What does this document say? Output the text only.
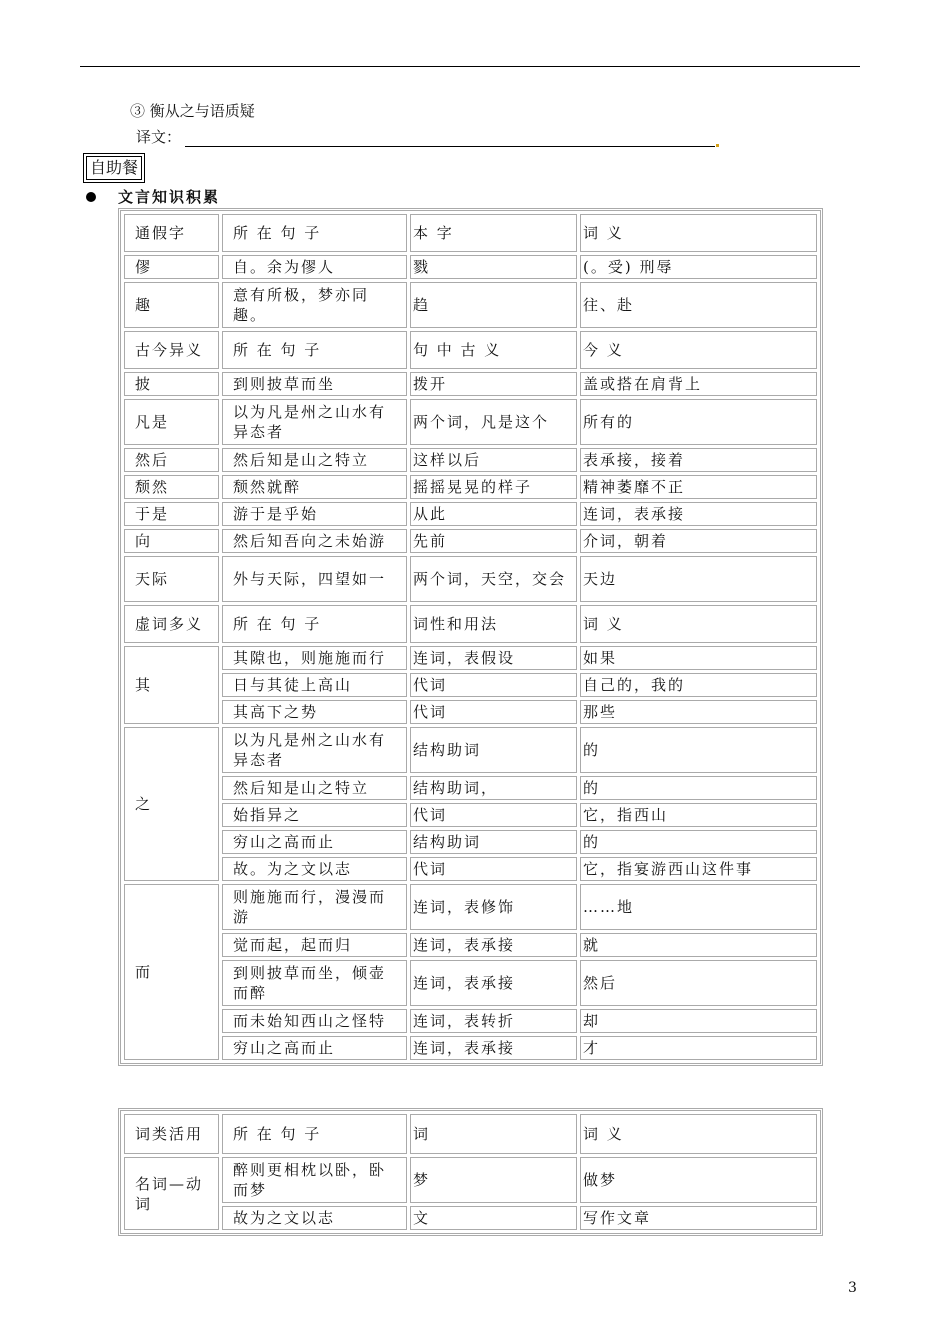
③ 衡从之与语质疑
译文：
自助餐
文言知识积累
通假字	所 在 句 子	本 字	词 义
僇	自。余为僇人	戮	(。受) 刑辱
趣	意有所极，梦亦同趣。	趋	往、赴
古今异义	所 在 句 子	句 中 古 义	今 义
披	到则披草而坐	拨开	盖或搭在肩背上
凡是	以为凡是州之山水有异态者	两个词，凡是这个	所有的
然后	然后知是山之特立	这样以后	表承接，接着
颓然	颓然就醉	摇摇晃晃的样子	精神萎靡不正
于是	游于是乎始	从此	连词，表承接
向	然后知吾向之未始游	先前	介词，朝着
天际	外与天际，四望如一	两个词，天空，交会	天边
虚词多义	所 在 句 子	词性和用法	词 义
其	其隙也，则施施而行	连词，表假设	如果
	日与其徒上高山	代词	自己的，我的
	其高下之势	代词	那些
之	以为凡是州之山水有异态者	结构助词	的
	然后知是山之特立	结构助词，	的
	始指异之	代词	它，指西山
	穷山之高而止	结构助词	的
	故。为之文以志	代词	它，指宴游西山这件事
而	则施施而行，漫漫而游	连词，表修饰	……地
	觉而起，起而归	连词，表承接	就
	到则披草而坐，倾壶而醉	连词，表承接	然后
	而未始知西山之怪特	连词，表转折	却
	穷山之高而止	连词，表承接	才
词类活用	所 在 句 子	词	词 义
名词—动词	醉则更相枕以卧，卧而梦	梦	做梦
	故为之文以志	文	写作文章
3
